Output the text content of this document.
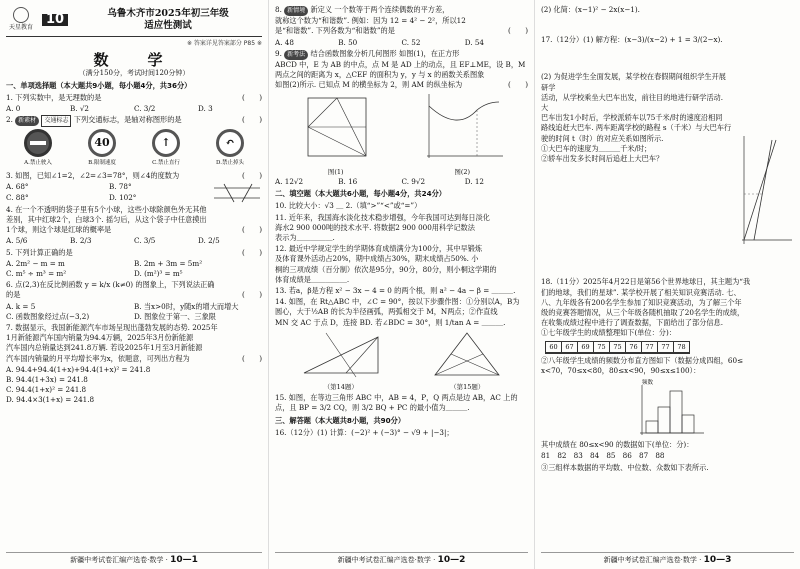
天星教育
10	乌鲁木齐市2025年初三年级
适应性测试
※ 答案详见答案部分 P85 ※
数　学
（满分150分，考试时间120分钟）
一、单项选择题（本大题共9小题，每小题4分，共36分）
(　　)
1. 下列实数中，是无理数的是
A. 0	B. √2	C. 3/2	D. 3
2. 新素材 交通标志 下列交通标志，是轴对称图形的是	(　　)
A.禁止驶入
40
B.限制速度
↑
C.禁止直行
↶
D.禁止掉头
(　　)
3. 如图，已知∠1=2，∠2=∠3=78°，则∠4的度数为
A. 68°	B. 78°
C. 88°	D. 102°
4. 在一个不透明的袋子里有5个小球，这些小球除颜色外无其他
差别，其中红球2个，白球3个. 摇匀后，从这个袋子中任意摸出
1个球，则这个球是红球的概率是	(　　)
A. 5/6	B. 2/3	C. 3/5	D. 2/5
(　　)
5. 下列计算正确的是
A. 2m² − m = m	B. 2m + 3m = 5m²
C. m⁵ ÷ m³ = m²	D. (m²)³ = m⁵
6. 点(2,3)在反比例函数 y = k/x (k≠0) 的图象上，下列说法正确
的是	(　　)
A. k = 5	B. 当x>0时，y随x的增大而增大
C. 函数图象经过点(−3,2)	D. 图象位于第一、三象限
7. 数据显示，我国新能源汽车市场呈现出蓬勃发展的态势. 2025年
1月新能源汽车国内销量为94.4万辆，2025年3月份新能源
汽车国内总销量达到241.8万辆. 若设2025年1月至3月新能源
汽车国内销量的月平均增长率为x，依题意，可列出方程为	(　　)
A. 94.4+94.4(1+x)+94.4(1+x)² = 241.8
B. 94.4(1+3x) = 241.8
C. 94.4(1+x)² = 241.8
D. 94.4×3(1+x) = 241.8
新疆中考试卷汇编产选卷·数学 · 10—1
8. 新情境 新定义 一个数等于两个连续偶数的平方差，
就称这个数为“和谐数”. 例如：因为 12 = 4² − 2²，所以12
是“和谐数”. 下列各数为“和谐数”的是	(　　)
A. 48	B. 50	C. 52	D. 54
9. 新考法 结合函数图象分析几何图形 如图(1)，在正方形
ABCD 中，E 为 AB 的中点，点 M 是 AD 上的动点，且 EF⊥ME，设 B，M
两点之间的距离为 x，△CEF 的面积为 y，y 与 x 的函数关系图象
如图(2)所示. 已知点 M 的横坐标为 2，则 AM 的纵坐标为	(　　)
图(1)	图(2)
A. 12√2	B. 16	C. 9√2	D. 12
二、填空题（本大题共6小题，每小题4分，共24分）
10. 比较大小：√3 ＿ 2.（填“>”“<”或“=”）
11. 近年来，我国海水淡化技术稳步增强，今年我国可达到每日淡化
海水2 900 000吨的技术水平. 将数据2 900 000用科学记数法
表示为＿＿＿＿＿.
12. 最近中学规定学生的学期体育成绩满分为100分，其中早锻炼
及体育课外活动占20%，期中成绩占30%，期末成绩占50%. 小
桐的三项成绩（百分制）依次是95分，90分，80分，则小桐这学期的
体育成绩是＿＿＿＿＿.
13. 若a，β是方程 x² − 3x − 4 = 0 的两个根，则 a² − 4a − β = ＿＿＿.
14. 如图，在 Rt△ABC 中，∠C = 90°，按以下步骤作图：①分别以A，B为
圆心，大于½AB 的长为半径画弧，两弧相交于 M，N两点；②作直线
MN 交 AC 于点 D，连接 BD. 若∠BDC = 30°，则 1/tan A = ＿＿＿.
（第14题）	（第15题）
15. 如图，在等边三角形 ABC 中，AB = 4，P，Q 两点是边 AB，AC 上的
点，且 BP = 3/2 CQ，则 3/2 BQ + PC 的最小值为＿＿＿.
三、解答题（本大题共8小题，共90分）
16.（12分）(1) 计算：(−2)² + (−3)° − √9 + |−3|；
新疆中考试卷汇编产选卷·数学 · 10—2
(2) 化简：(x−1)² − 2x(x−1).
17.（12分）(1) 解方程：(x−3)/(x−2) + 1 = 3/(2−x).
(2) 为促进学生全面发展，某学校在春假期间组织学生开展研学
活动，从学校乘坐大巴车出发，前往目的地进行研学活动. 大
巴车出发1小时后，学校派轿车以75千米/时的速度沿相同
路线追赶大巴车. 两车距离学校的路程 s（千米）与大巴车行
驶的时间 t（时）的对应关系如图所示.
①大巴车的速度为＿＿＿千米/时；
②轿车出发多长时间后追赶上大巴车？
18.（11分）2025年4月22日是第56个世界地球日，其主题为“我
们的地球，我们的星球”. 某学校开展了相关知识竞赛活动. 七、
八、九年级各有200名学生参加了知识竞赛活动，为了解三个年
级的竞赛答题情况，从三个年级各随机抽取了20名学生的成绩，
在收集成绩过程中进行了调查数据，下面给出了部分信息.
①七年级学生的成绩整理如下(单位：分)：
60	67	69	75	75	76	77	77	78

②八年级学生成绩的频数分布直方图如下（数据分成四组，60≤
x<70，70≤x<80，80≤x<90，90≤x≤100）：
频数
其中成绩在 80≤x<90 的数据如下(单位：分)：
81　82　83　84　85　86　87　88
③三组样本数据的平均数、中位数、众数如下表所示.
新疆中考试卷汇编产选卷·数学 · 10—3
